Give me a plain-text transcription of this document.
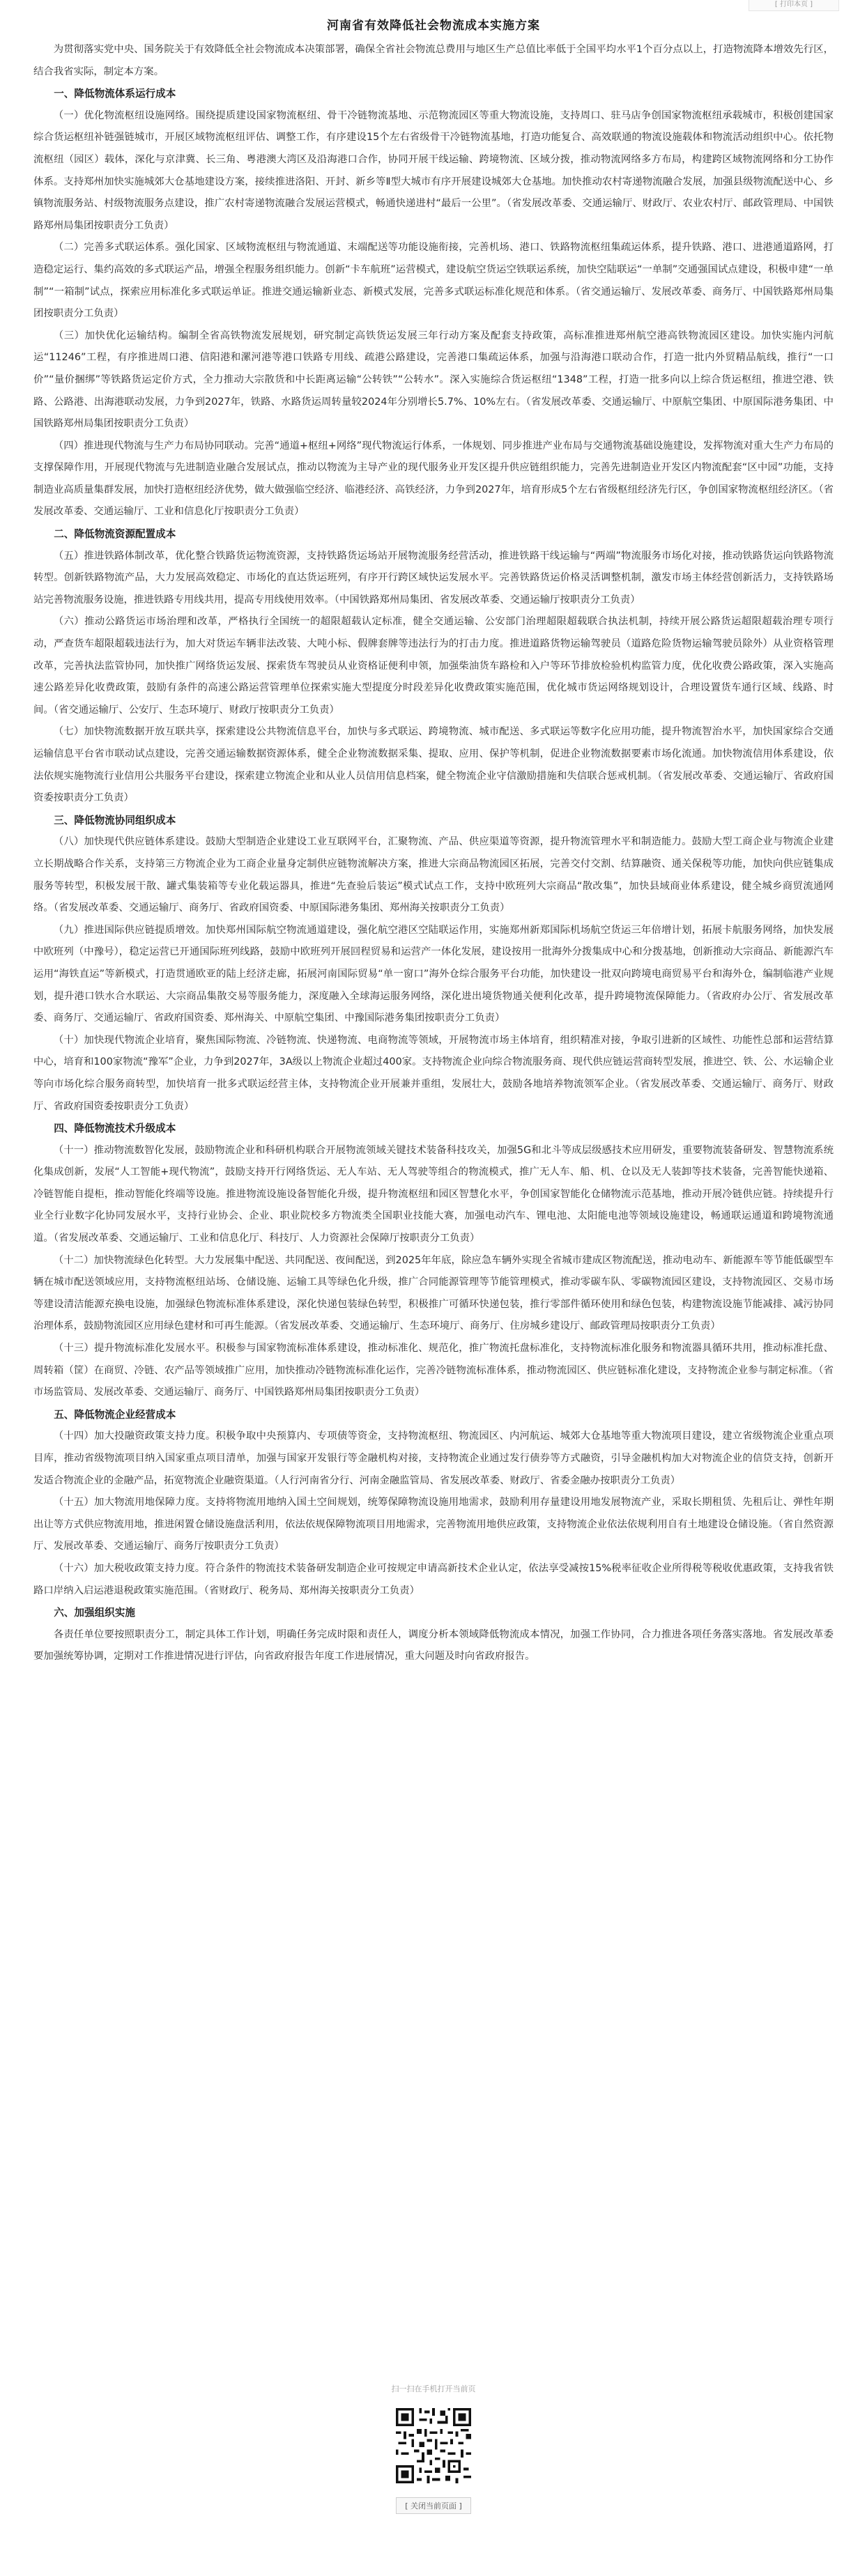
[ 打印本页 ]
河南省有效降低社会物流成本实施方案

为贯彻落实党中央、国务院关于有效降低全社会物流成本决策部署，确保全省社会物流总费用与地区生产总值比率低于全国平均水平1个百分点以上，打造物流降本增效先行区，结合我省实际，制定本方案。

一、降低物流体系运行成本

（一）优化物流枢纽设施网络。围绕提质建设国家物流枢纽、骨干冷链物流基地、示范物流园区等重大物流设施，支持周口、驻马店争创国家物流枢纽承载城市，积极创建国家综合货运枢纽补链强链城市，开展区域物流枢纽评估、调整工作，有序建设15个左右省级骨干冷链物流基地，打造功能复合、高效联通的物流设施载体和物流活动组织中心。依托物流枢纽（园区）载体，深化与京津冀、长三角、粤港澳大湾区及沿海港口合作，协同开展干线运输、跨境物流、区域分拨，推动物流网络多方布局，构建跨区域物流网络和分工协作体系。支持郑州加快实施城郊大仓基地建设方案，接续推进洛阳、开封、新乡等Ⅱ型大城市有序开展建设城郊大仓基地。加快推动农村寄递物流融合发展，加强县级物流配送中心、乡镇物流服务站、村级物流服务点建设，推广农村寄递物流融合发展运营模式，畅通快递进村“最后一公里”。（省发展改革委、交通运输厅、财政厅、农业农村厅、邮政管理局、中国铁路郑州局集团按职责分工负责）

（二）完善多式联运体系。强化国家、区域物流枢纽与物流通道、末端配送等功能设施衔接，完善机场、港口、铁路物流枢纽集疏运体系，提升铁路、港口、进港通道路网，打造稳定运行、集约高效的多式联运产品，增强全程服务组织能力。创新“卡车航班”运营模式，建设航空货运空铁联运系统，加快空陆联运“一单制”交通强国试点建设，积极申建“一单制”“一箱制”试点，探索应用标准化多式联运单证。推进交通运输新业态、新模式发展，完善多式联运标准化规范和体系。（省交通运输厅、发展改革委、商务厅、中国铁路郑州局集团按职责分工负责）

（三）加快优化运输结构。编制全省高铁物流发展规划，研究制定高铁货运发展三年行动方案及配套支持政策，高标准推进郑州航空港高铁物流园区建设。加快实施内河航运“11246”工程，有序推进周口港、信阳港和漯河港等港口铁路专用线、疏港公路建设，完善港口集疏运体系，加强与沿海港口联动合作，打造一批内外贸精品航线，推行“一口价”“量价捆绑”等铁路货运定价方式，全力推动大宗散货和中长距离运输“公转铁”“公转水”。深入实施综合货运枢纽“1348”工程，打造一批多向以上综合货运枢纽，推进空港、铁路、公路港、出海港联动发展，力争到2027年，铁路、水路货运周转量较2024年分别增长5.7%、10%左右。（省发展改革委、交通运输厅、中原航空集团、中原国际港务集团、中国铁路郑州局集团按职责分工负责）

（四）推进现代物流与生产力布局协同联动。完善“通道+枢纽+网络”现代物流运行体系，一体规划、同步推进产业布局与交通物流基础设施建设，发挥物流对重大生产力布局的支撑保障作用，开展现代物流与先进制造业融合发展试点，推动以物流为主导产业的现代服务业开发区提升供应链组织能力，完善先进制造业开发区内物流配套“区中园”功能，支持制造业高质量集群发展，加快打造枢纽经济优势，做大做强临空经济、临港经济、高铁经济，力争到2027年，培育形成5个左右省级枢纽经济先行区，争创国家物流枢纽经济区。（省发展改革委、交通运输厅、工业和信息化厅按职责分工负责）

二、降低物流资源配置成本

（五）推进铁路体制改革，优化整合铁路货运物流资源，支持铁路货运场站开展物流服务经营活动，推进铁路干线运输与“两端”物流服务市场化对接，推动铁路货运向铁路物流转型。创新铁路物流产品，大力发展高效稳定、市场化的直达货运班列，有序开行跨区域快运发展水平。完善铁路货运价格灵活调整机制，激发市场主体经营创新活力，支持铁路场站完善物流服务设施，推进铁路专用线共用，提高专用线使用效率。（中国铁路郑州局集团、省发展改革委、交通运输厅按职责分工负责）

（六）推动公路货运市场治理和改革，严格执行全国统一的超限超载认定标准，健全交通运输、公安部门治理超限超载联合执法机制，持续开展公路货运超限超载治理专项行动，严查货车超限超载违法行为，加大对货运车辆非法改装、大吨小标、假牌套牌等违法行为的打击力度。推进道路货物运输驾驶员（道路危险货物运输驾驶员除外）从业资格管理改革，完善执法监管协同，加快推广网络货运发展、探索货车驾驶员从业资格证便利申领，加强柴油货车路检和入户等环节排放检验机构监管力度，优化收费公路政策，深入实施高速公路差异化收费政策，鼓励有条件的高速公路运营管理单位探索实施大型提度分时段差异化收费政策实施范围，优化城市货运网络规划设计，合理设置货车通行区域、线路、时间。（省交通运输厅、公安厅、生态环境厅、财政厅按职责分工负责）

（七）加快物流数据开放互联共享，探索建设公共物流信息平台，加快与多式联运、跨境物流、城市配送、多式联运等数字化应用功能，提升物流智治水平，加快国家综合交通运输信息平台省市联动试点建设，完善交通运输数据资源体系，健全企业物流数据采集、提取、应用、保护等机制，促进企业物流数据要素市场化流通。加快物流信用体系建设，依法依规实施物流行业信用公共服务平台建设，探索建立物流企业和从业人员信用信息档案，健全物流企业守信激励措施和失信联合惩戒机制。（省发展改革委、交通运输厅、省政府国资委按职责分工负责）

三、降低物流协同组织成本

（八）加快现代供应链体系建设。鼓励大型制造企业建设工业互联网平台，汇聚物流、产品、供应渠道等资源，提升物流管理水平和制造能力。鼓励大型工商企业与物流企业建立长期战略合作关系，支持第三方物流企业为工商企业量身定制供应链物流解决方案，推进大宗商品物流园区拓展，完善交付交割、结算融资、通关保税等功能，加快向供应链集成服务等转型，积极发展干散、罐式集装箱等专业化载运器具，推进“先查验后装运”模式试点工作，支持中欧班列大宗商品“散改集”，加快县域商业体系建设，健全城乡商贸流通网络。（省发展改革委、交通运输厅、商务厅、省政府国资委、中原国际港务集团、郑州海关按职责分工负责）

（九）推进国际供应链提质增效。加快郑州国际航空物流通道建设，强化航空港区空陆联运作用，实施郑州新郑国际机场航空货运三年倍增计划，拓展卡航服务网络，加快发展中欧班列（中豫号），稳定运营已开通国际班列线路，鼓励中欧班列开展回程贸易和运营产一体化发展，建设按用一批海外分拨集成中心和分拨基地，创新推动大宗商品、新能源汽车运用“海铁直运”等新模式，打造贯通欧亚的陆上经济走廊，拓展河南国际贸易“单一窗口”海外仓综合服务平台功能，加快建设一批双向跨境电商贸易平台和海外仓，编制临港产业规划，提升港口铁水合水联运、大宗商品集散交易等服务能力，深度融入全球海运服务网络，深化进出境货物通关便利化改革，提升跨境物流保障能力。（省政府办公厅、省发展改革委、商务厅、交通运输厅、省政府国资委、郑州海关、中原航空集团、中豫国际港务集团按职责分工负责）

（十）加快现代物流企业培育，聚焦国际物流、冷链物流、快递物流、电商物流等领域，开展物流市场主体培育，组织精准对接，争取引进新的区域性、功能性总部和运营结算中心，培育和100家物流“豫军”企业，力争到2027年，3A级以上物流企业超过400家。支持物流企业向综合物流服务商、现代供应链运营商转型发展，推进空、铁、公、水运输企业等向市场化综合服务商转型，加快培育一批多式联运经营主体，支持物流企业开展兼并重组，发展壮大，鼓励各地培养物流领军企业。（省发展改革委、交通运输厅、商务厅、财政厅、省政府国资委按职责分工负责）

四、降低物流技术升级成本

（十一）推动物流数智化发展，鼓励物流企业和科研机构联合开展物流领域关键技术装备科技攻关，加强5G和北斗等成层级感技术应用研发，重要物流装备研发、智慧物流系统化集成创新，发展“人工智能+现代物流”，鼓励支持开行网络货运、无人车站、无人驾驶等组合的物流模式，推广无人车、船、机、仓以及无人装卸等技术装备，完善智能快递箱、冷链智能自提柜，推动智能化终端等设施。推进物流设施设备智能化升级，提升物流枢纽和园区智慧化水平，争创国家智能化仓储物流示范基地，推动开展冷链供应链。持续提升行业全行业数字化协同发展水平，支持行业协会、企业、职业院校多方物流类全国职业技能大赛，加强电动汽车、锂电池、太阳能电池等领域设施建设，畅通联运通道和跨境物流通道。（省发展改革委、交通运输厅、工业和信息化厅、科技厅、人力资源社会保障厅按职责分工负责）

（十二）加快物流绿色化转型。大力发展集中配送、共同配送、夜间配送，到2025年年底，除应急车辆外实现全省城市建成区物流配送，推动电动车、新能源车等节能低碳型车辆在城市配送领域应用，支持物流枢纽站场、仓储设施、运输工具等绿色化升级，推广合同能源管理等节能管理模式，推动零碳车队、零碳物流园区建设，支持物流园区、交易市场等建设清洁能源充换电设施，加强绿色物流标准体系建设，深化快递包装绿色转型，积极推广可循环快递包装，推行零部件循环使用和绿色包装，构建物流设施节能减排、减污协同治理体系，鼓励物流园区应用绿色建材和可再生能源。（省发展改革委、交通运输厅、生态环境厅、商务厅、住房城乡建设厅、邮政管理局按职责分工负责）

（十三）提升物流标准化发展水平。积极参与国家物流标准体系建设，推动标准化、规范化，推广物流托盘标准化，支持物流标准化服务和物流器具循环共用，推动标准托盘、周转箱（筐）在商贸、冷链、农产品等领域推广应用，加快推动冷链物流标准化运作，完善冷链物流标准体系，推动物流园区、供应链标准化建设，支持物流企业参与制定标准。（省市场监管局、发展改革委、交通运输厅、商务厅、中国铁路郑州局集团按职责分工负责）

五、降低物流企业经营成本

（十四）加大投融资政策支持力度。积极争取中央预算内、专项债等资金，支持物流枢纽、物流园区、内河航运、城郊大仓基地等重大物流项目建设，建立省级物流企业重点项目库，推动省级物流项目纳入国家重点项目清单，加强与国家开发银行等金融机构对接，支持物流企业通过发行债券等方式融资，引导金融机构加大对物流企业的信贷支持，创新开发适合物流企业的金融产品，拓宽物流企业融资渠道。（人行河南省分行、河南金融监管局、省发展改革委、财政厅、省委金融办按职责分工负责）

（十五）加大物流用地保障力度。支持将物流用地纳入国土空间规划，统筹保障物流设施用地需求，鼓励利用存量建设用地发展物流产业，采取长期租赁、先租后让、弹性年期出让等方式供应物流用地，推进闲置仓储设施盘活利用，依法依规保障物流项目用地需求，完善物流用地供应政策，支持物流企业依法依规利用自有土地建设仓储设施。（省自然资源厅、发展改革委、交通运输厅、商务厅按职责分工负责）

（十六）加大税收政策支持力度。符合条件的物流技术装备研发制造企业可按规定申请高新技术企业认定，依法享受减按15%税率征收企业所得税等税收优惠政策，支持我省铁路口岸纳入启运港退税政策实施范围。（省财政厅、税务局、郑州海关按职责分工负责）

六、加强组织实施

各责任单位要按照职责分工，制定具体工作计划，明确任务完成时限和责任人，调度分析本领域降低物流成本情况，加强工作协同，合力推进各项任务落实落地。省发展改革委要加强统筹协调，定期对工作推进情况进行评估，向省政府报告年度工作进展情况，重大问题及时向省政府报告。

扫一扫在手机打开当前页
[ 关闭当前页面 ]
